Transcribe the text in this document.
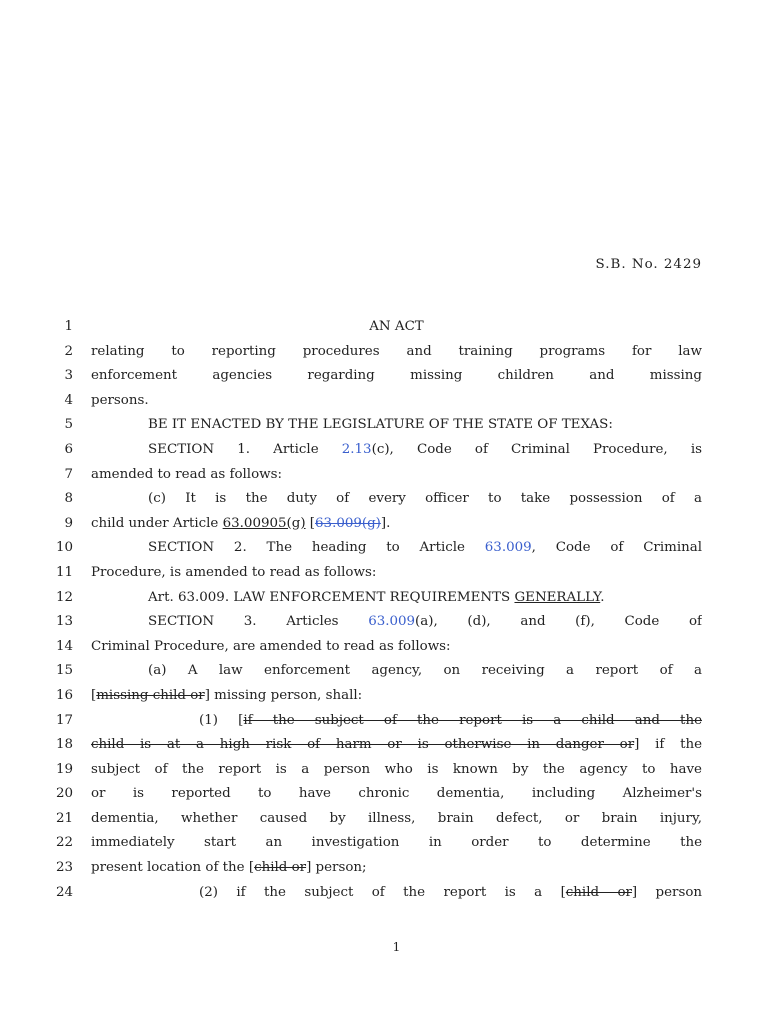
S.B. No. 2429
1	AN ACT
2 relating to reporting procedures and training programs for law
3 enforcement agencies regarding missing children and missing
4 persons.
5	BE IT ENACTED BY THE LEGISLATURE OF THE STATE OF TEXAS:
6	SECTION 1. Article 2.13(c), Code of Criminal Procedure, is
7 amended to read as follows:
8	(c) It is the duty of every officer to take possession of a
9 child under Article 63.00905(g) [63.009(g)].
10	SECTION 2. The heading to Article 63.009, Code of Criminal
11 Procedure, is amended to read as follows:
12	Art. 63.009. LAW ENFORCEMENT REQUIREMENTS GENERALLY.
13	SECTION 3. Articles 63.009(a), (d), and (f), Code of
14 Criminal Procedure, are amended to read as follows:
15	(a) A law enforcement agency, on receiving a report of a
16 [missing child or] missing person, shall:
17	(1) [if the subject of the report is a child and the
18 child is at a high risk of harm or is otherwise in danger or] if the
19 subject of the report is a person who is known by the agency to have
20 or is reported to have chronic dementia, including Alzheimer's
21 dementia, whether caused by illness, brain defect, or brain injury,
22 immediately start an investigation in order to determine the
23 present location of the [child or] person;
24	(2) if the subject of the report is a [child or] person
1
